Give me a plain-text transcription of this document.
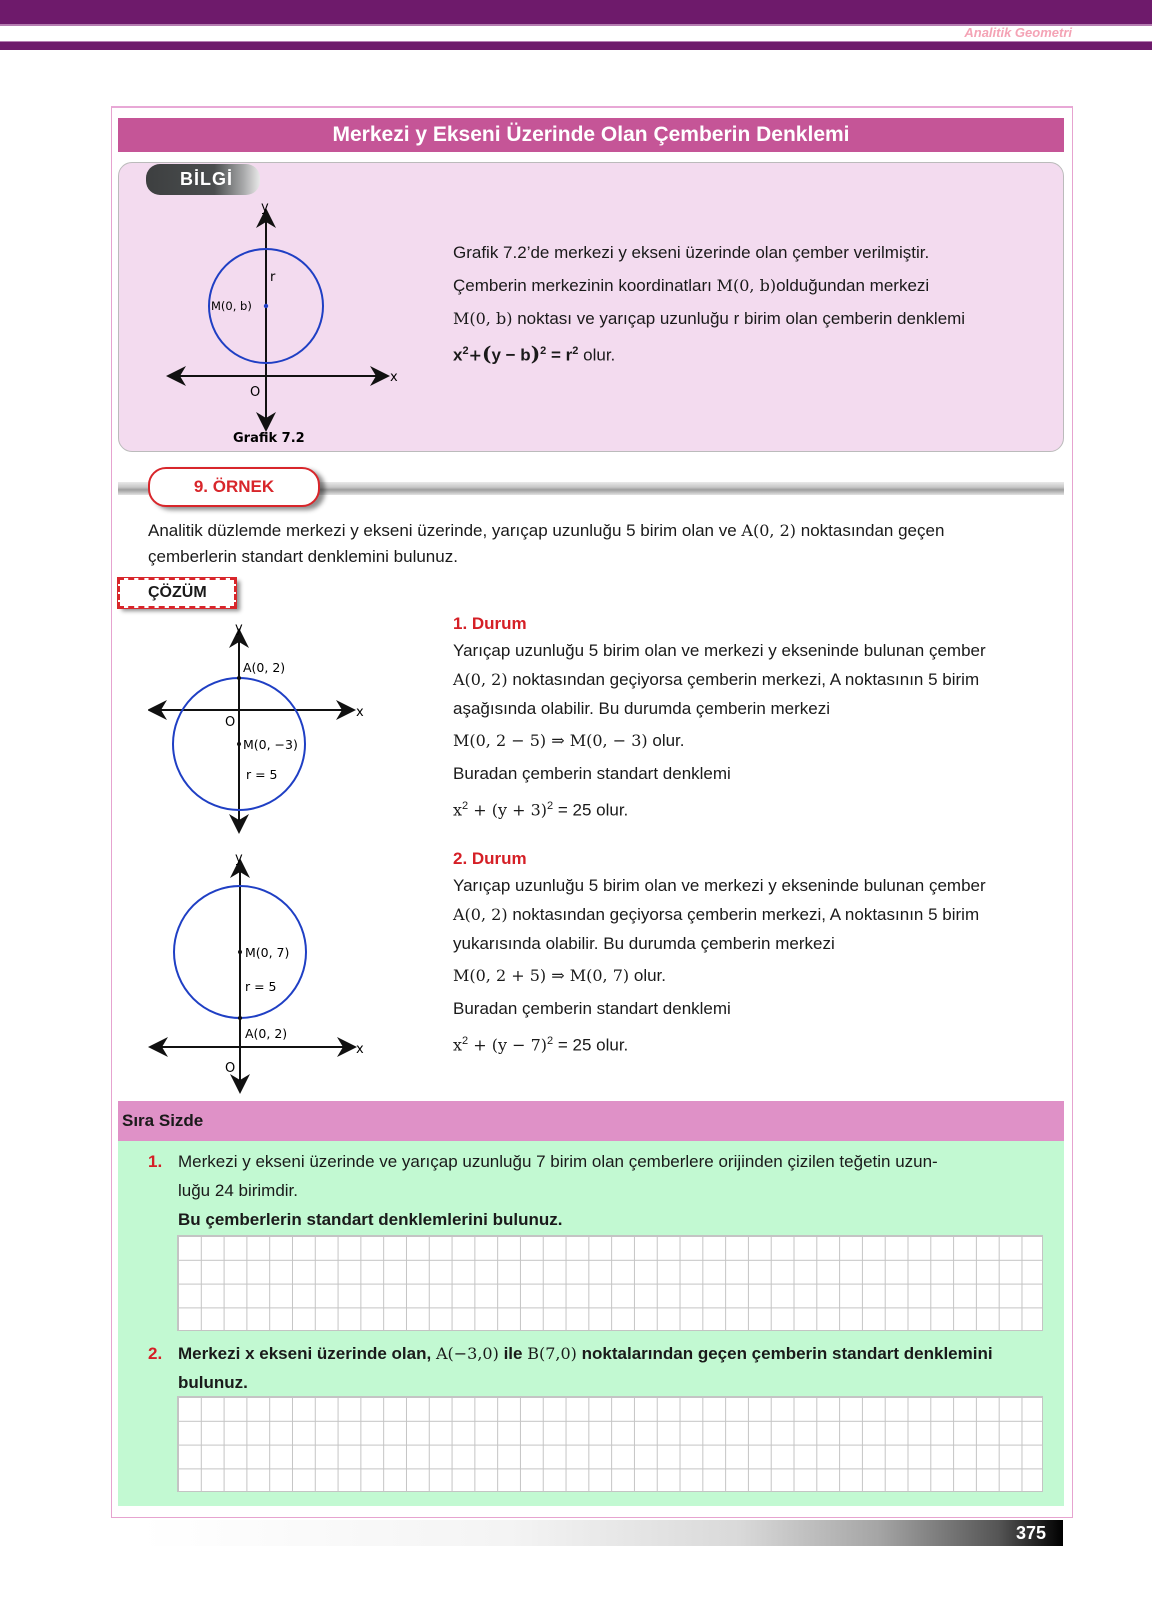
Analitik Geometri
Merkezi y Ekseni Üzerinde Olan Çemberin Denklemi
BİLGİ
y
x
O
r
M(0, b)
Grafik 7.2
Grafik 7.2’de merkezi y ekseni üzerinde olan çember verilmiştir.
Çemberin merkezinin koordinatları M(0, b)olduğundan merkezi
M(0, b) noktası ve yarıçap uzunluğu r birim olan çemberin denklemi
$x^2+(y - b)^2 = r^2$ olur.
9. ÖRNEK
Analitik düzlemde merkezi y ekseni üzerinde, yarıçap uzunluğu 5 birim olan ve A(0, 2) noktasından geçen
çemberlerin standart denklemini bulunuz.
ÇÖZÜM
y
x
O
A(0, 2)
M(0, −3)
r = 5
1. Durum
Yarıçap uzunluğu 5 birim olan ve merkezi y ekseninde bulunan çember
A(0, 2) noktasından geçiyorsa çemberin merkezi, A noktasının 5 birim
aşağısında olabilir. Bu durumda çemberin merkezi
M(0, 2 − 5) ⇒ M(0, − 3) olur.
Buradan çemberin standart denklemi
$x^2 + (y + 3)^2 = 25$ olur.
y
x
O
A(0, 2)
M(0, 7)
r = 5
2. Durum
Yarıçap uzunluğu 5 birim olan ve merkezi y ekseninde bulunan çember
A(0, 2) noktasından geçiyorsa çemberin merkezi, A noktasının 5 birim
yukarısında olabilir. Bu durumda çemberin merkezi
M(0, 2 + 5) ⇒ M(0, 7) olur.
Buradan çemberin standart denklemi
$x^2 + (y - 7)^2 = 25$ olur.
Sıra Sizde
1. Merkezi y ekseni üzerinde ve yarıçap uzunluğu 7 birim olan çemberlere orijinden çizilen teğetin uzun-
luğu 24 birimdir.
Bu çemberlerin standart denklemlerini bulunuz.
2. Merkezi x ekseni üzerinde olan, A(−3,0) ile B(7,0) noktalarından geçen çemberin standart denklemini
bulunuz.
375
